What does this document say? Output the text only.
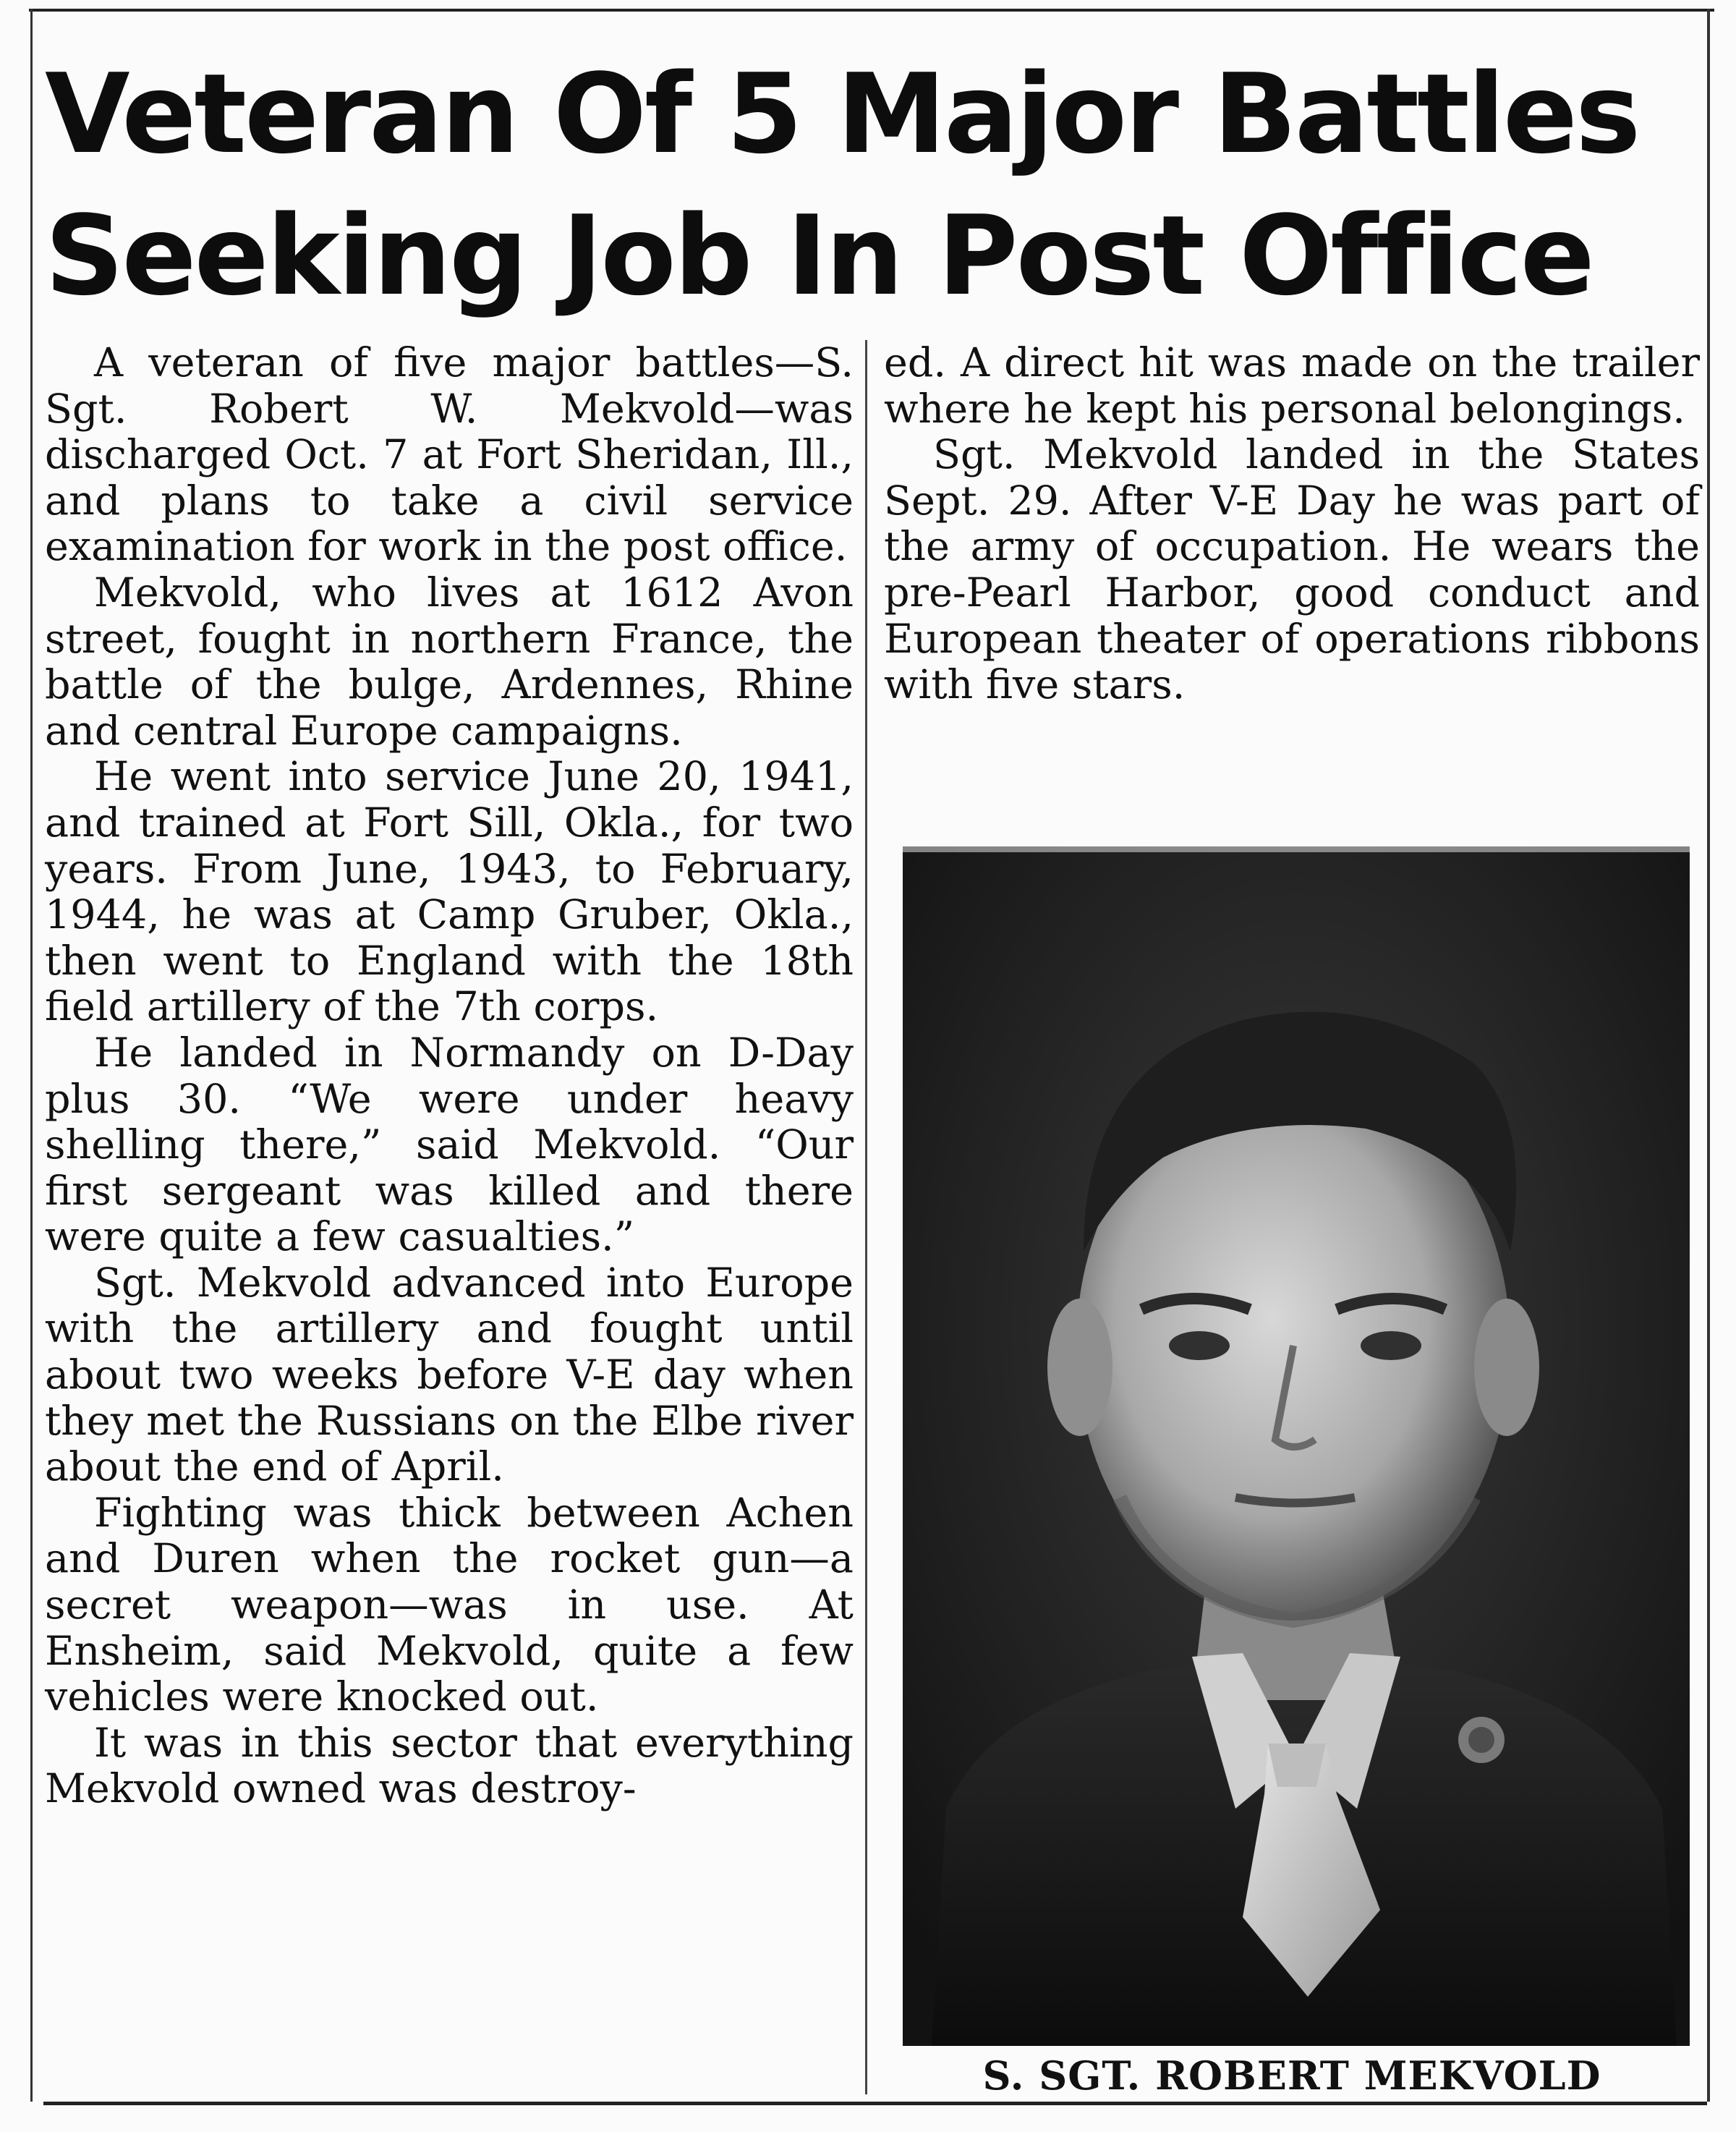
Veteran Of 5 Major Battles
Seeking Job In Post Office

A veteran of five major battles—S. Sgt. Robert W. Mekvold—was discharged Oct. 7 at Fort Sheridan, Ill., and plans to take a civil service examination for work in the post office.

Mekvold, who lives at 1612 Avon street, fought in northern France, the battle of the bulge, Ardennes, Rhine and central Europe campaigns.

He went into service June 20, 1941, and trained at Fort Sill, Okla., for two years. From June, 1943, to February, 1944, he was at Camp Gruber, Okla., then went to England with the 18th field artillery of the 7th corps.

He landed in Normandy on D-Day plus 30. “We were under heavy shelling there,” said Mekvold. “Our first sergeant was killed and there were quite a few casualties.”

Sgt. Mekvold advanced into Europe with the artillery and fought until about two weeks before V-E day when they met the Russians on the Elbe river about the end of April.

Fighting was thick between Achen and Duren when the rocket gun—a secret weapon—was in use. At Ensheim, said Mekvold, quite a few vehicles were knocked out.

It was in this sector that everything Mekvold owned was destroy-

ed. A direct hit was made on the trailer where he kept his personal belongings.

Sgt. Mekvold landed in the States Sept. 29. After V-E Day he was part of the army of occupation. He wears the pre-Pearl Harbor, good conduct and European theater of operations ribbons with five stars.

S. SGT. ROBERT MEKVOLD
